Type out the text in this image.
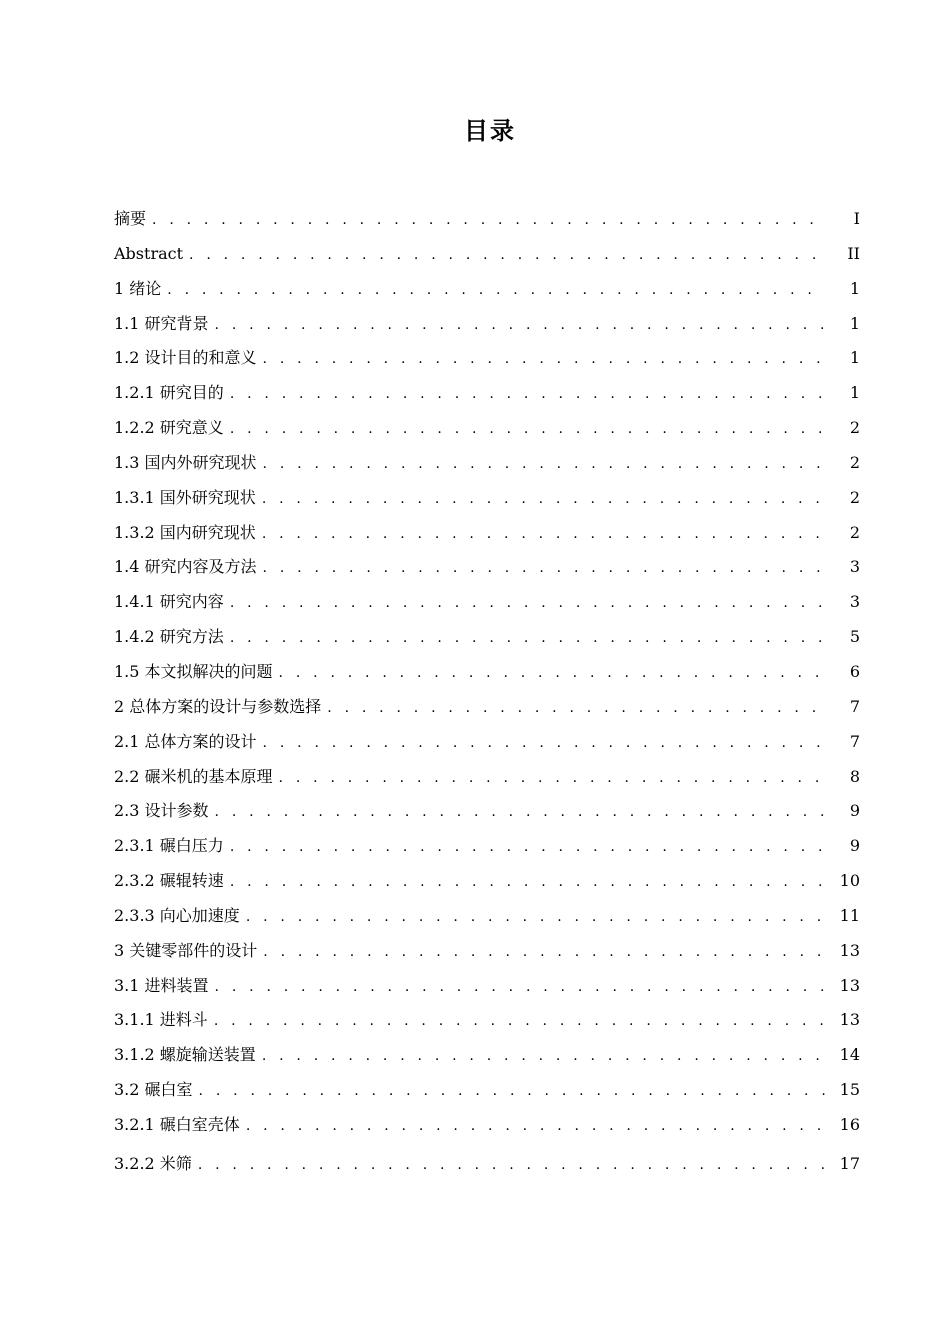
目录
摘要 . . .	I
Abstract . . .	II
1 绪论 . . .	1
1.1 研究背景 . . .	1
1.2 设计目的和意义 . . .	1
1.2.1 研究目的 . . .	1
1.2.2 研究意义 . . .	2
1.3 国内外研究现状 . . .	2
1.3.1 国外研究现状 . . .	2
1.3.2 国内研究现状 . . .	2
1.4 研究内容及方法 . . .	3
1.4.1 研究内容 . . .	3
1.4.2 研究方法 . . .	5
1.5 本文拟解决的问题 . . .	6
2 总体方案的设计与参数选择 . . .	7
2.1 总体方案的设计 . . .	7
2.2 碾米机的基本原理 . . .	8
2.3 设计参数 . . .	9
2.3.1 碾白压力 . . .	9
2.3.2 碾辊转速 . . .	10
2.3.3 向心加速度 . . .	11
3 关键零部件的设计 . . .	13
3.1 进料装置 . . .	13
3.1.1 进料斗 . . .	13
3.1.2 螺旋输送装置 . . .	14
3.2 碾白室 . . .	15
3.2.1 碾白室壳体 . . .	16
3.2.2 米筛 . . .	17
